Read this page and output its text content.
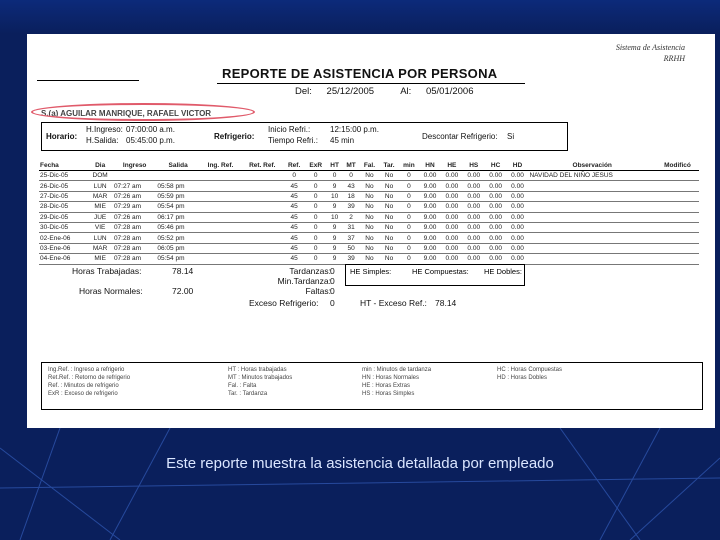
Sistema de Asistencia
RRHH
REPORTE DE ASISTENCIA POR PERSONA
Del: 25/12/2005	Al: 05/01/2006
S.(a) AGUILAR MANRIQUE, RAFAEL VICTOR
Horario:
H.Ingreso: 07:00:00 a.m.
H.Salida: 05:45:00 p.m.	Refrigerio:
Inicio Refri.: 12:15:00 p.m.
Tiempo Refri.: 45 min	Descontar Refrigerio: Si
Fecha	Dia	Ingreso	Salida	Ing. Ref.	Ret. Ref.	Ref.	ExR	HT	MT	Fal.	Tar.	min	HN	HE	HS	HC	HD	Observación	Modificó
25-Dic-05	DOM					0	0	0	0	No	No	0	0.00	0.00	0.00	0.00	0.00	NAVIDAD DEL NIÑO JESUS	
26-Dic-05	LUN	07:27 am	05:58 pm			45	0	9	43	No	No	0	9.00	0.00	0.00	0.00	0.00		
27-Dic-05	MAR	07:26 am	05:59 pm			45	0	10	18	No	No	0	9.00	0.00	0.00	0.00	0.00		
28-Dic-05	MIE	07:29 am	05:54 pm			45	0	9	39	No	No	0	9.00	0.00	0.00	0.00	0.00		
29-Dic-05	JUE	07:26 am	06:17 pm			45	0	10	2	No	No	0	9.00	0.00	0.00	0.00	0.00		
30-Dic-05	VIE	07:28 am	05:46 pm			45	0	9	31	No	No	0	9.00	0.00	0.00	0.00	0.00		
02-Ene-06	LUN	07:28 am	05:52 pm			45	0	9	37	No	No	0	9.00	0.00	0.00	0.00	0.00		
03-Ene-06	MAR	07:28 am	06:05 pm			45	0	9	50	No	No	0	9.00	0.00	0.00	0.00	0.00		
04-Ene-06	MIE	07:28 am	05:54 pm			45	0	9	39	No	No	0	9.00	0.00	0.00	0.00	0.00		
Horas Trabajadas:	78.14
Horas Normales:	72.00
Tardanzas: 0
Min.Tardanza: 0
Faltas: 0
Exceso Refrigerio: 0	HT - Exceso Ref.: 78.14
HE Simples:	HE Compuestas: HE Dobles:
Ing.Ref. : Ingreso a refrigerio
Ret.Ref. : Retorno de refrigerio
Ref. : Minutos de refrigerio
ExR : Exceso de refrigerio
HT : Horas trabajadas
MT : Minutos trabajados
Fal. : Falta
Tar. : Tardanza
min : Minutos de tardanza
HN : Horas Normales
HE : Horas Extras
HS : Horas Simples
HC : Horas Compuestas
HD : Horas Dobles
Este reporte muestra la asistencia detallada por empleado
